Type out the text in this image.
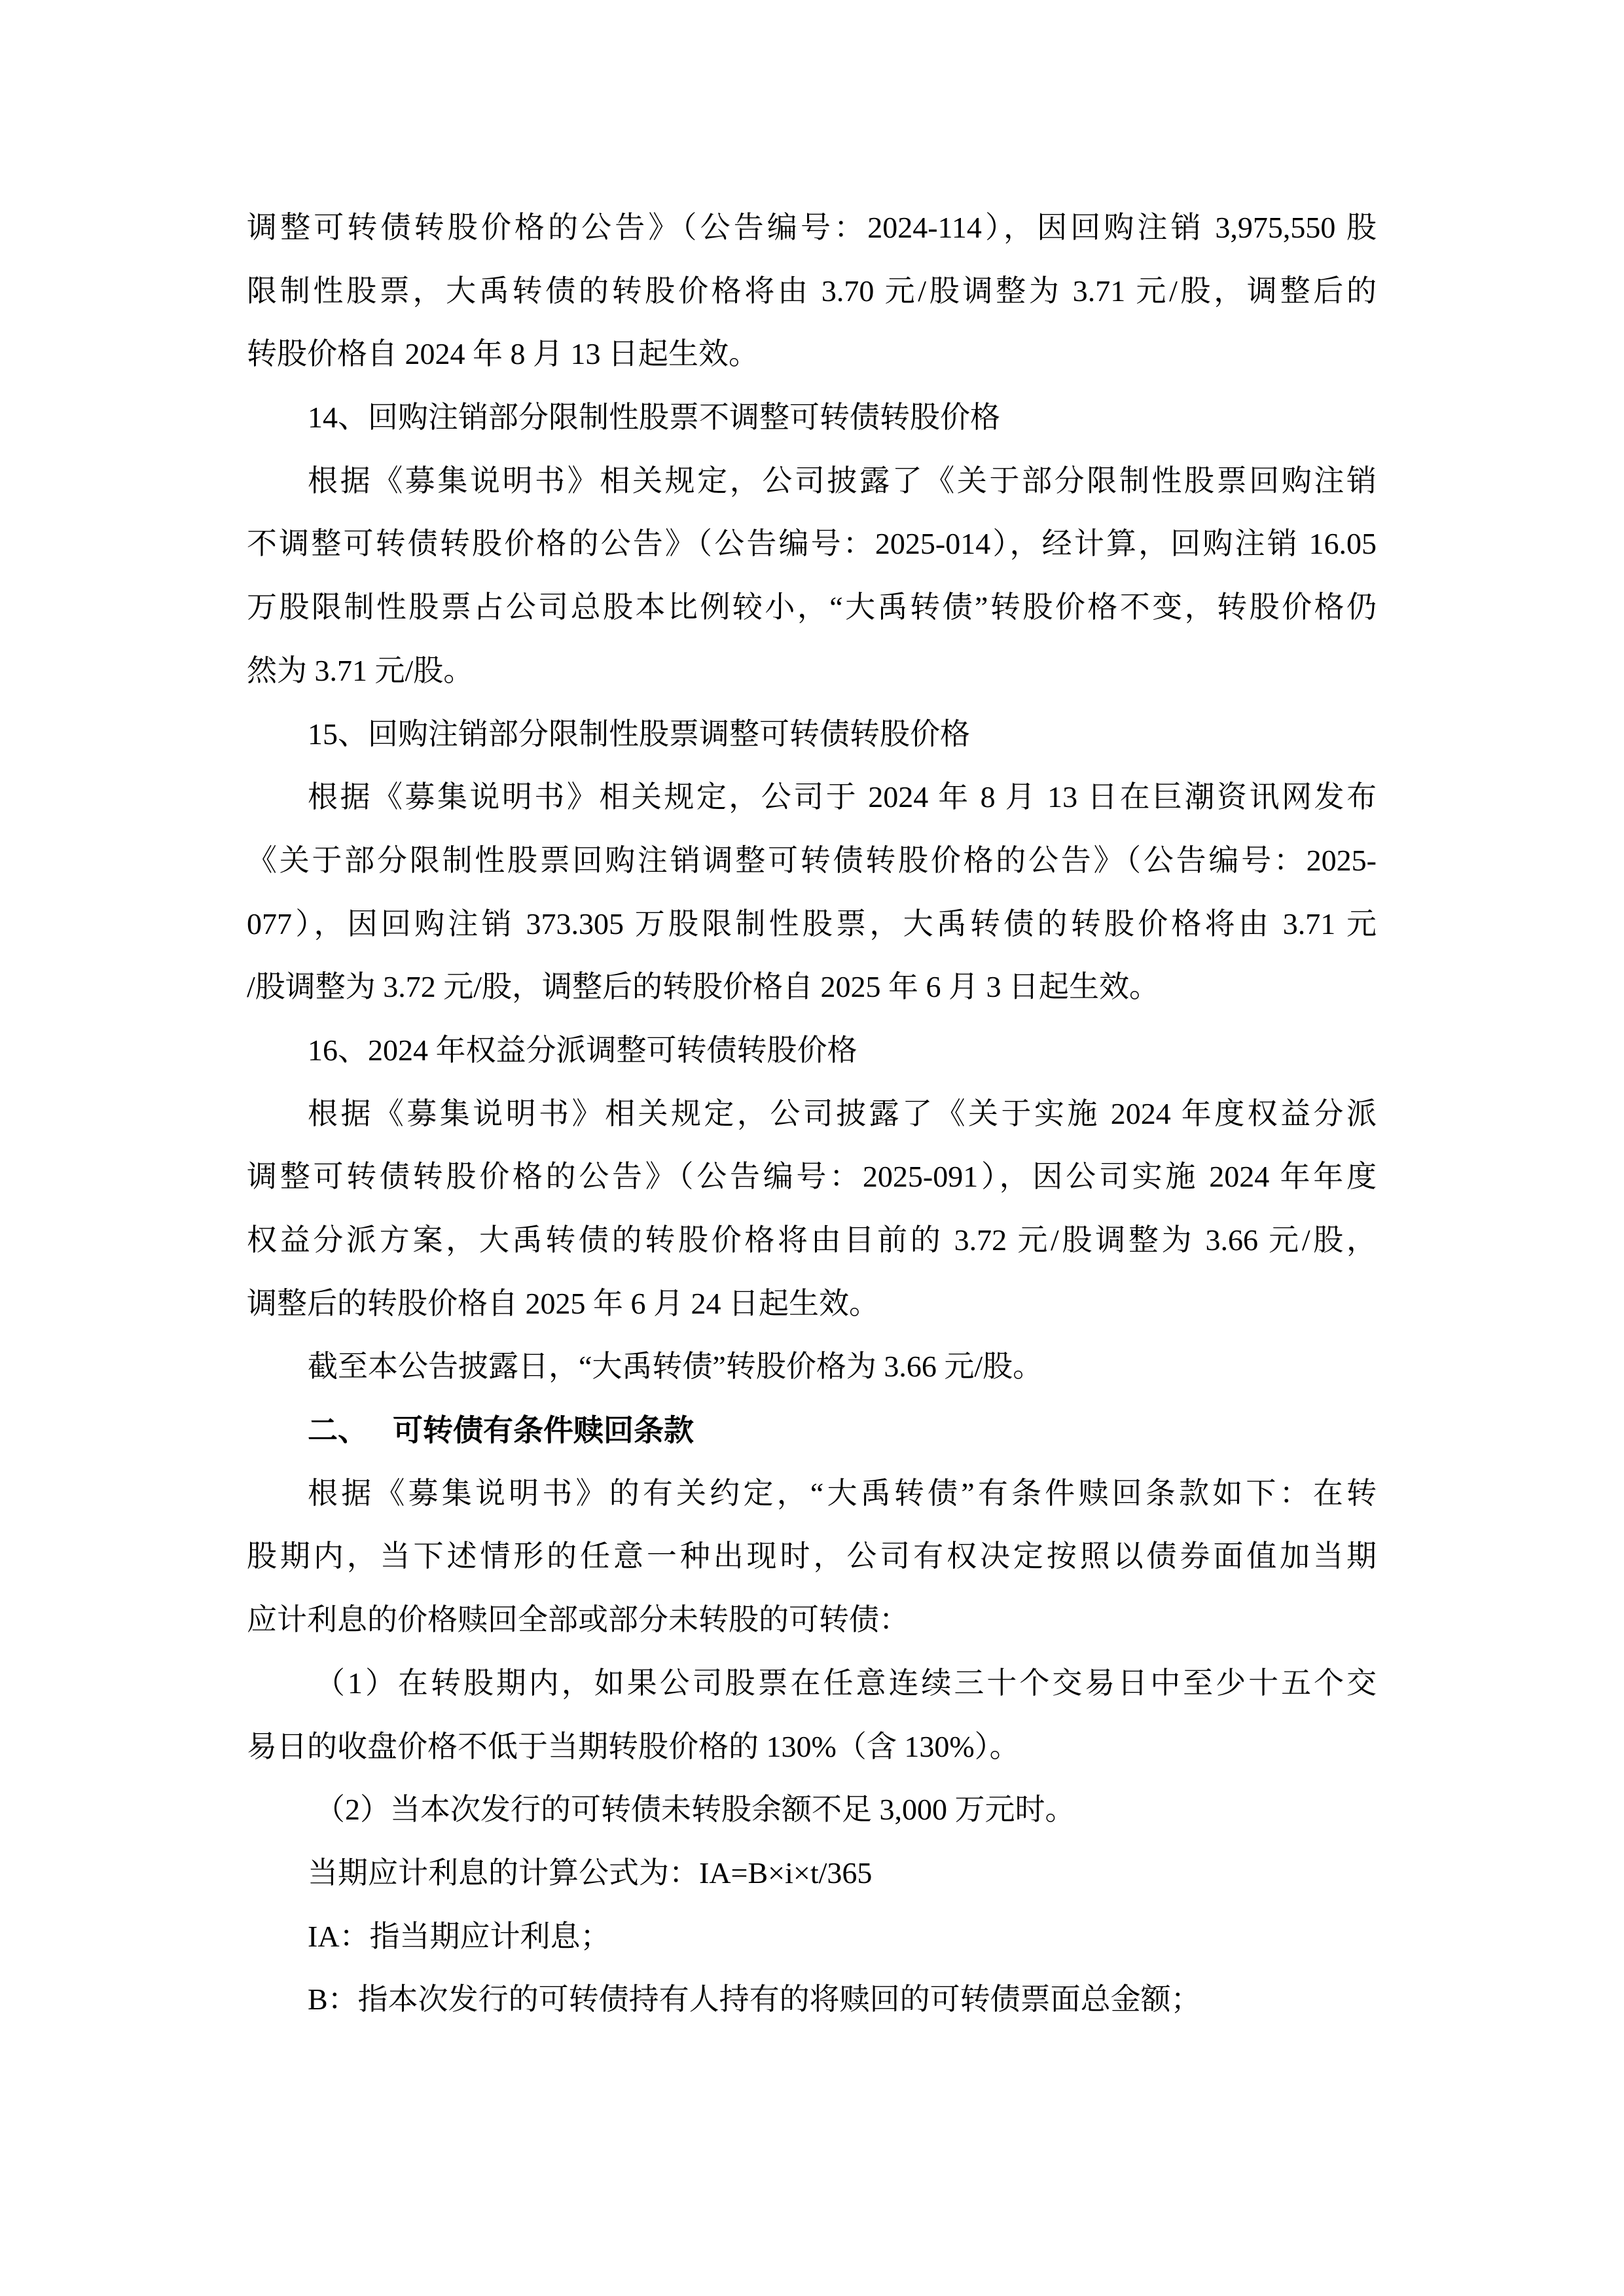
调整可转债转股价格的公告》（公告编号：2024-114），因回购注销 3,975,550 股
限制性股票，大禹转债的转股价格将由 3.70 元/股调整为 3.71 元/股，调整后的
转股价格自 2024 年 8 月 13 日起生效。
14、回购注销部分限制性股票不调整可转债转股价格
根据《募集说明书》相关规定，公司披露了《关于部分限制性股票回购注销
不调整可转债转股价格的公告》（公告编号：2025-014），经计算，回购注销 16.05
万股限制性股票占公司总股本比例较小，“大禹转债”转股价格不变，转股价格仍
然为 3.71 元/股。
15、回购注销部分限制性股票调整可转债转股价格
根据《募集说明书》相关规定，公司于 2024 年 8 月 13 日在巨潮资讯网发布
《关于部分限制性股票回购注销调整可转债转股价格的公告》（公告编号：2025-
077），因回购注销 373.305 万股限制性股票，大禹转债的转股价格将由 3.71 元
/股调整为 3.72 元/股，调整后的转股价格自 2025 年 6 月 3 日起生效。
16、2024 年权益分派调整可转债转股价格
根据《募集说明书》相关规定，公司披露了《关于实施 2024 年度权益分派
调整可转债转股价格的公告》（公告编号：2025-091），因公司实施 2024 年年度
权益分派方案，大禹转债的转股价格将由目前的 3.72 元/股调整为 3.66 元/股，
调整后的转股价格自 2025 年 6 月 24 日起生效。
截至本公告披露日，“大禹转债”转股价格为 3.66 元/股。
二、 可转债有条件赎回条款
根据《募集说明书》的有关约定，“大禹转债”有条件赎回条款如下：在转
股期内，当下述情形的任意一种出现时，公司有权决定按照以债券面值加当期
应计利息的价格赎回全部或部分未转股的可转债：
（1）在转股期内，如果公司股票在任意连续三十个交易日中至少十五个交
易日的收盘价格不低于当期转股价格的 130%（含 130%）。
（2）当本次发行的可转债未转股余额不足 3,000 万元时。
当期应计利息的计算公式为：IA=B×i×t/365
IA：指当期应计利息；
B：指本次发行的可转债持有人持有的将赎回的可转债票面总金额；
